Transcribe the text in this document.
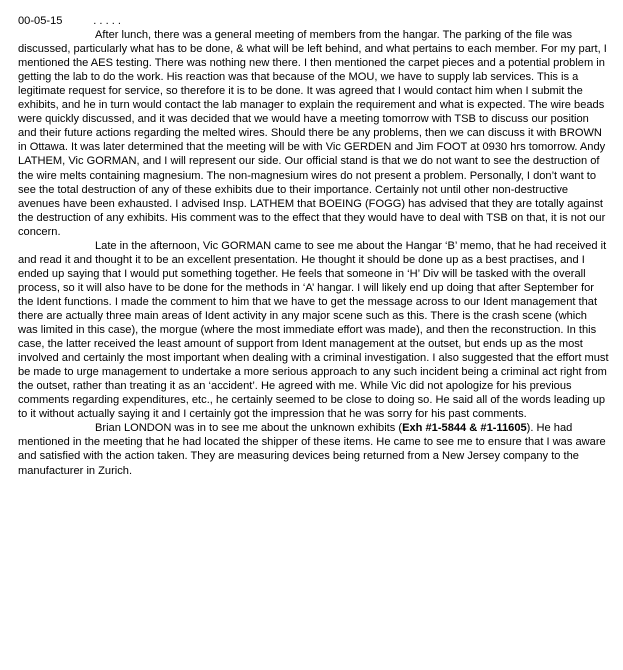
00-05-15	. . . . .

After lunch, there was a general meeting of members from the hangar. The parking of the file was discussed, particularly what has to be done, & what will be left behind, and what pertains to each member. For my part, I mentioned the AES testing. There was nothing new there. I then mentioned the carpet pieces and a potential problem in getting the lab to do the work. His reaction was that because of the MOU, we have to supply lab services. This is a legitimate request for service, so therefore it is to be done. It was agreed that I would contact him when I submit the exhibits, and he in turn would contact the lab manager to explain the requirement and what is expected. The wire beads were quickly discussed, and it was decided that we would have a meeting tomorrow with TSB to discuss our position and their future actions regarding the melted wires. Should there be any problems, then we can discuss it with BROWN in Ottawa. It was later determined that the meeting will be with Vic GERDEN and Jim FOOT at 0930 hrs tomorrow. Andy LATHEM, Vic GORMAN, and I will represent our side. Our official stand is that we do not want to see the destruction of the wire melts containing magnesium. The non-magnesium wires do not present a problem. Personally, I don’t want to see the total destruction of any of these exhibits due to their importance. Certainly not until other non-destructive avenues have been exhausted. I advised Insp. LATHEM that BOEING (FOGG) has advised that they are totally against the destruction of any exhibits. His comment was to the effect that they would have to deal with TSB on that, it is not our concern.

Late in the afternoon, Vic GORMAN came to see me about the Hangar ‘B’ memo, that he had received it and read it and thought it to be an excellent presentation. He thought it should be done up as a best practises, and I ended up saying that I would put something together. He feels that someone in ‘H’ Div will be tasked with the overall process, so it will also have to be done for the methods in ‘A’ hangar. I will likely end up doing that after September for the Ident functions. I made the comment to him that we have to get the message across to our Ident management that there are actually three main areas of Ident activity in any major scene such as this. There is the crash scene (which was limited in this case), the morgue (where the most immediate effort was made), and then the reconstruction. In this case, the latter received the least amount of support from Ident management at the outset, but ends up as the most involved and certainly the most important when dealing with a criminal investigation. I also suggested that the effort must be made to urge management to undertake a more serious approach to any such incident being a criminal act right from the outset, rather than treating it as an ‘accident’. He agreed with me. While Vic did not apologize for his previous comments regarding expenditures, etc., he certainly seemed to be close to doing so. He said all of the words leading up to it without actually saying it and I certainly got the impression that he was sorry for his past comments.

Brian LONDON was in to see me about the unknown exhibits (Exh #1-5844 & #1-11605). He had mentioned in the meeting that he had located the shipper of these items. He came to see me to ensure that I was aware and satisfied with the action taken. They are measuring devices being returned from a New Jersey company to the manufacturer in Zurich.
